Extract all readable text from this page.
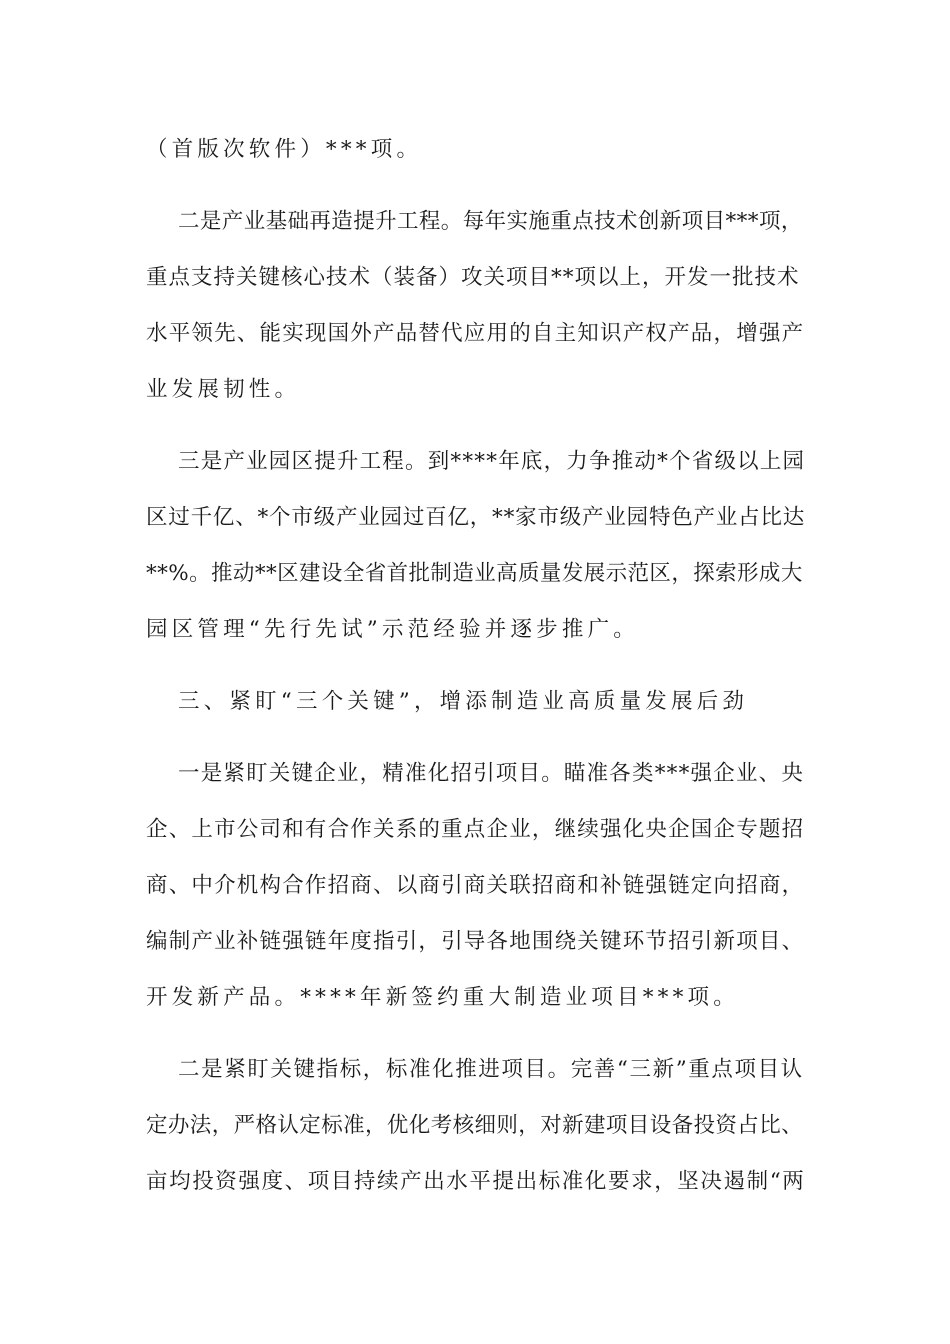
（首版次软件）***项。
二是产业基础再造提升工程。每年实施重点技术创新项目***项，
重点支持关键核心技术（装备）攻关项目**项以上，开发一批技术
水平领先、能实现国外产品替代应用的自主知识产权产品，增强产
业发展韧性。
三是产业园区提升工程。到****年底，力争推动*个省级以上园
区过千亿、*个市级产业园过百亿，**家市级产业园特色产业占比达
**%。推动**区建设全省首批制造业高质量发展示范区，探索形成大
园区管理“先行先试”示范经验并逐步推广。
三、紧盯“三个关键”，增添制造业高质量发展后劲
一是紧盯关键企业，精准化招引项目。瞄准各类***强企业、央
企、上市公司和有合作关系的重点企业，继续强化央企国企专题招
商、中介机构合作招商、以商引商关联招商和补链强链定向招商，
编制产业补链强链年度指引，引导各地围绕关键环节招引新项目、
开发新产品。****年新签约重大制造业项目***项。
二是紧盯关键指标，标准化推进项目。完善“三新”重点项目认
定办法，严格认定标准，优化考核细则，对新建项目设备投资占比、
亩均投资强度、项目持续产出水平提出标准化要求，坚决遏制“两
